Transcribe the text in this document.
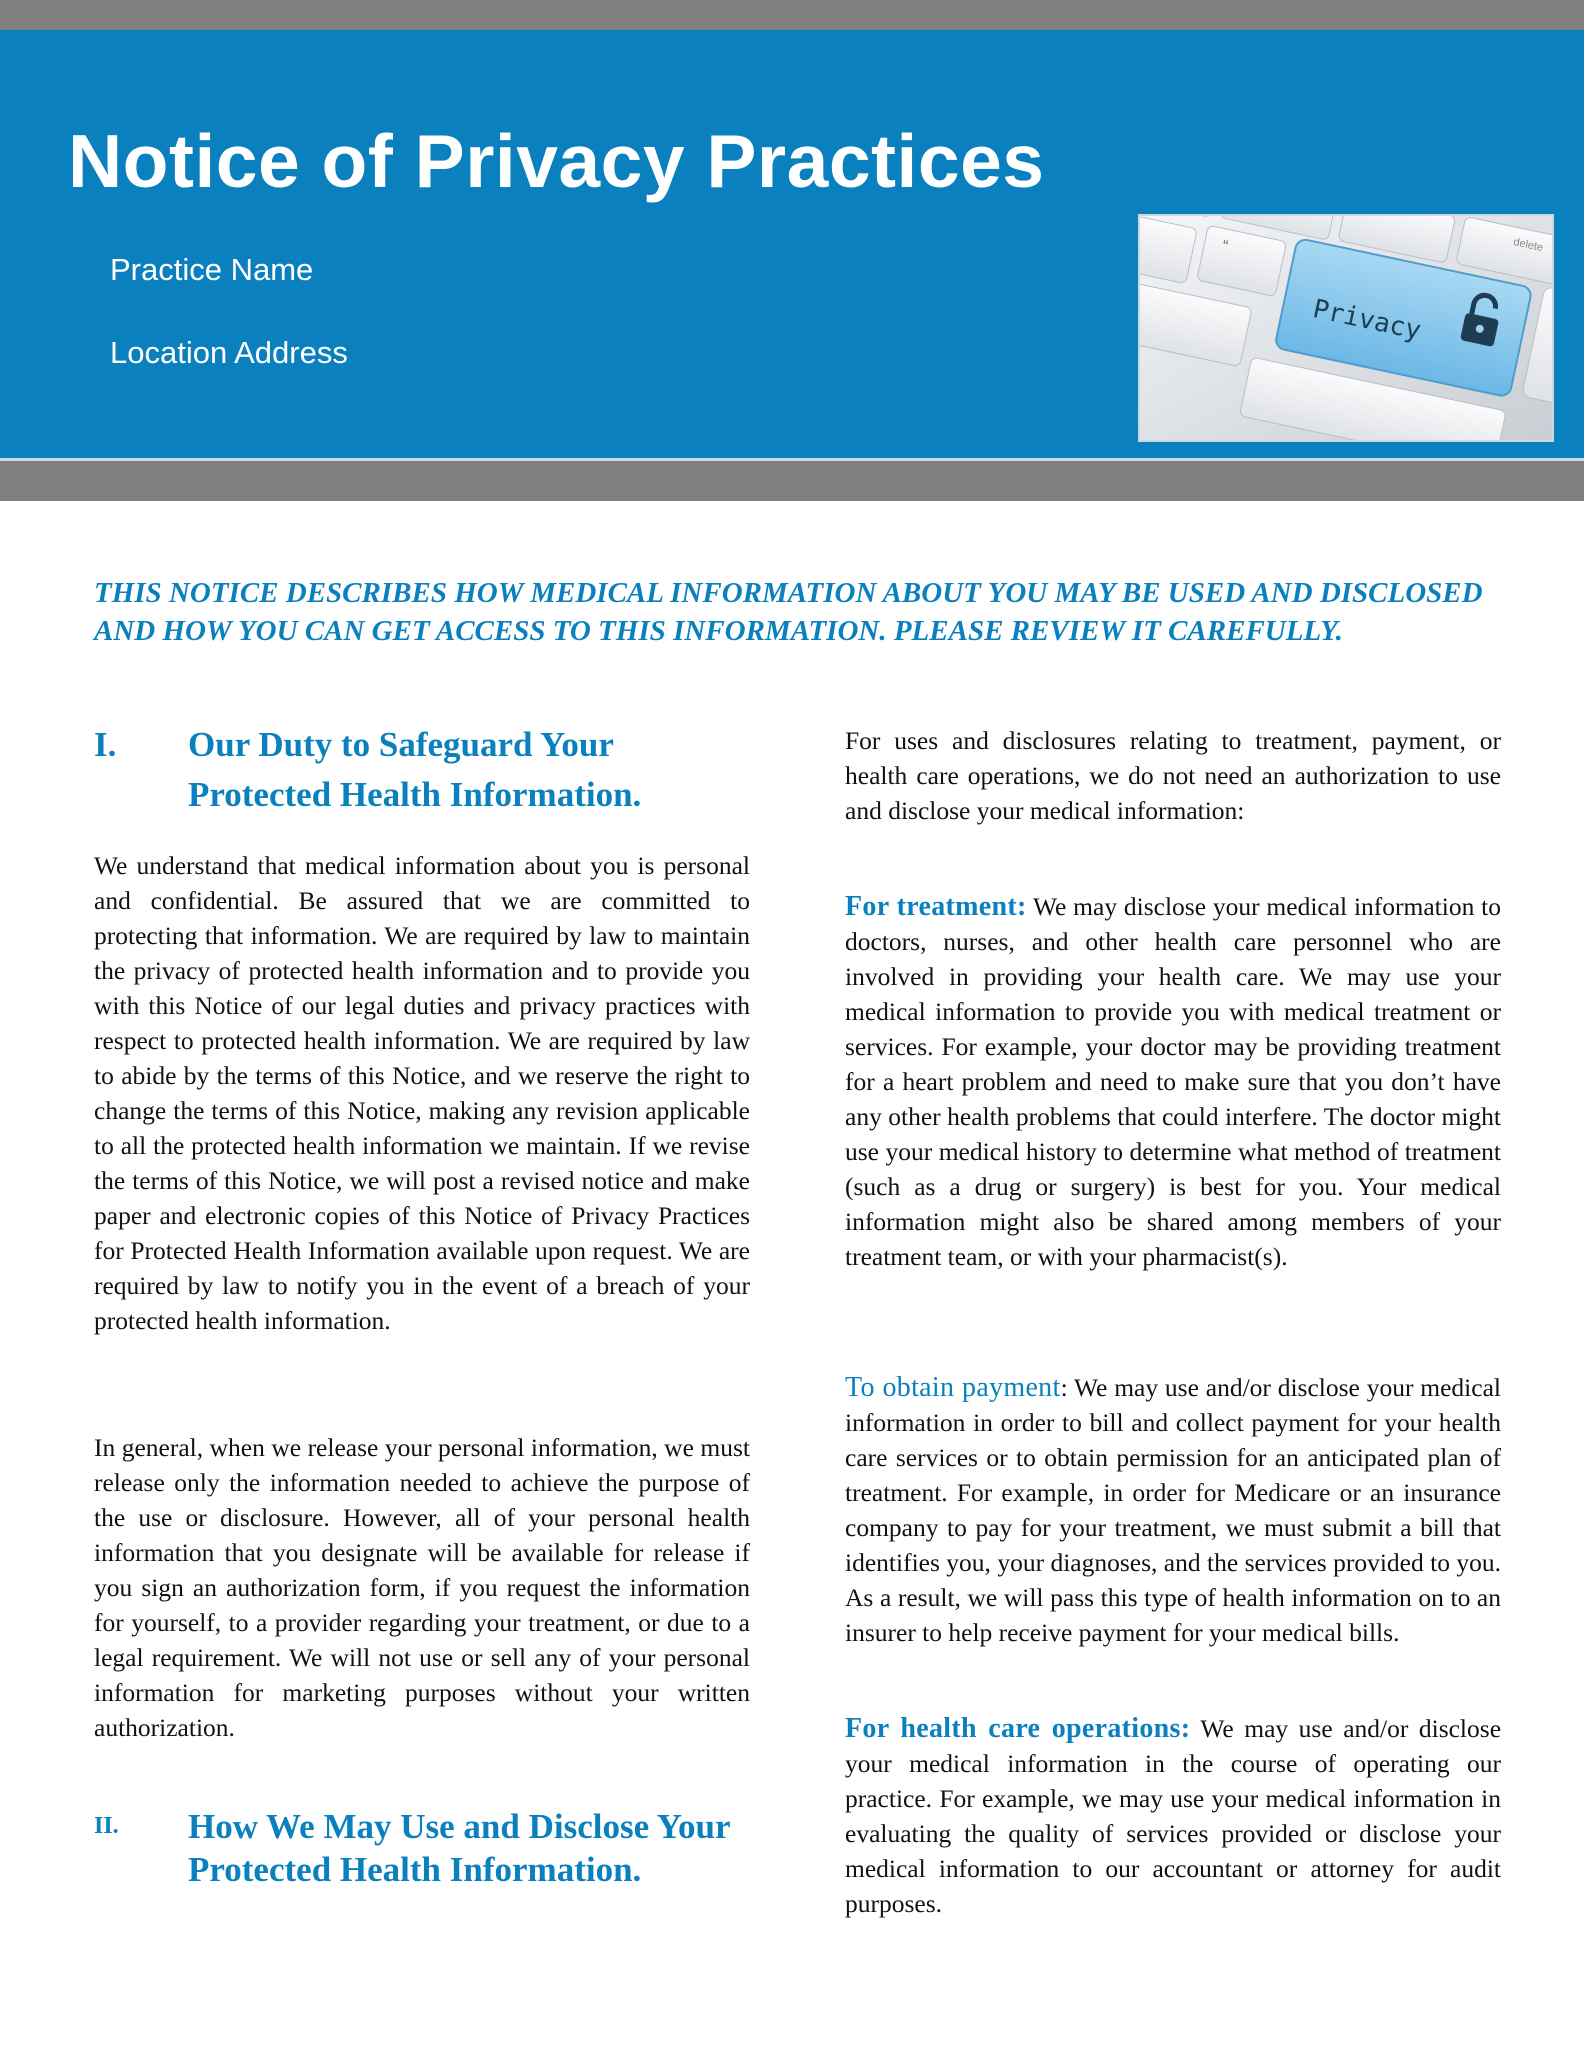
Notice of Privacy Practices
Practice Name
Location Address
delete
“
Privacy
THIS NOTICE DESCRIBES HOW MEDICAL INFORMATION ABOUT YOU MAY BE USED AND DISCLOSED AND HOW YOU CAN GET ACCESS TO THIS INFORMATION. PLEASE REVIEW IT CAREFULLY.
I. Our Duty to Safeguard Your
Protected Health Information.

We understand that medical information about you is personal and confidential. Be assured that we are committed to protecting that information. We are required by law to maintain the privacy of protected health information and to provide you with this Notice of our legal duties and privacy practices with respect to protected health information. We are required by law to abide by the terms of this Notice, and we reserve the right to change the terms of this Notice, making any revision applicable to all the protected health information we maintain. If we revise the terms of this Notice, we will post a revised notice and make paper and electronic copies of this Notice of Privacy Practices for Protected Health Information available upon request. We are required by law to notify you in the event of a breach of your protected health information.

In general, when we release your personal information, we must release only the information needed to achieve the purpose of the use or disclosure. However, all of your personal health information that you designate will be available for release if you sign an authorization form, if you request the information for yourself, to a provider regarding your treatment, or due to a legal requirement. We will not use or sell any of your personal information for marketing purposes without your written authorization.

II. How We May Use and Disclose Your
Protected Health Information.

For uses and disclosures relating to treatment, payment, or health care operations, we do not need an authorization to use and disclose your medical information:

For treatment: We may disclose your medical information to doctors, nurses, and other health care personnel who are involved in providing your health care. We may use your medical information to provide you with medical treatment or services. For example, your doctor may be providing treatment for a heart problem and need to make sure that you don’t have any other health problems that could interfere. The doctor might use your medical history to determine what method of treatment (such as a drug or surgery) is best for you. Your medical information might also be shared among members of your treatment team, or with your pharmacist(s).

To obtain payment: We may use and/or disclose your medical information in order to bill and collect payment for your health care services or to obtain permission for an anticipated plan of treatment. For example, in order for Medicare or an insurance company to pay for your treatment, we must submit a bill that identifies you, your diagnoses, and the services provided to you. As a result, we will pass this type of health information on to an insurer to help receive payment for your medical bills.

For health care operations: We may use and/or disclose your medical information in the course of operating our practice. For example, we may use your medical information in evaluating the quality of services provided or disclose your medical information to our accountant or attorney for audit purposes.
